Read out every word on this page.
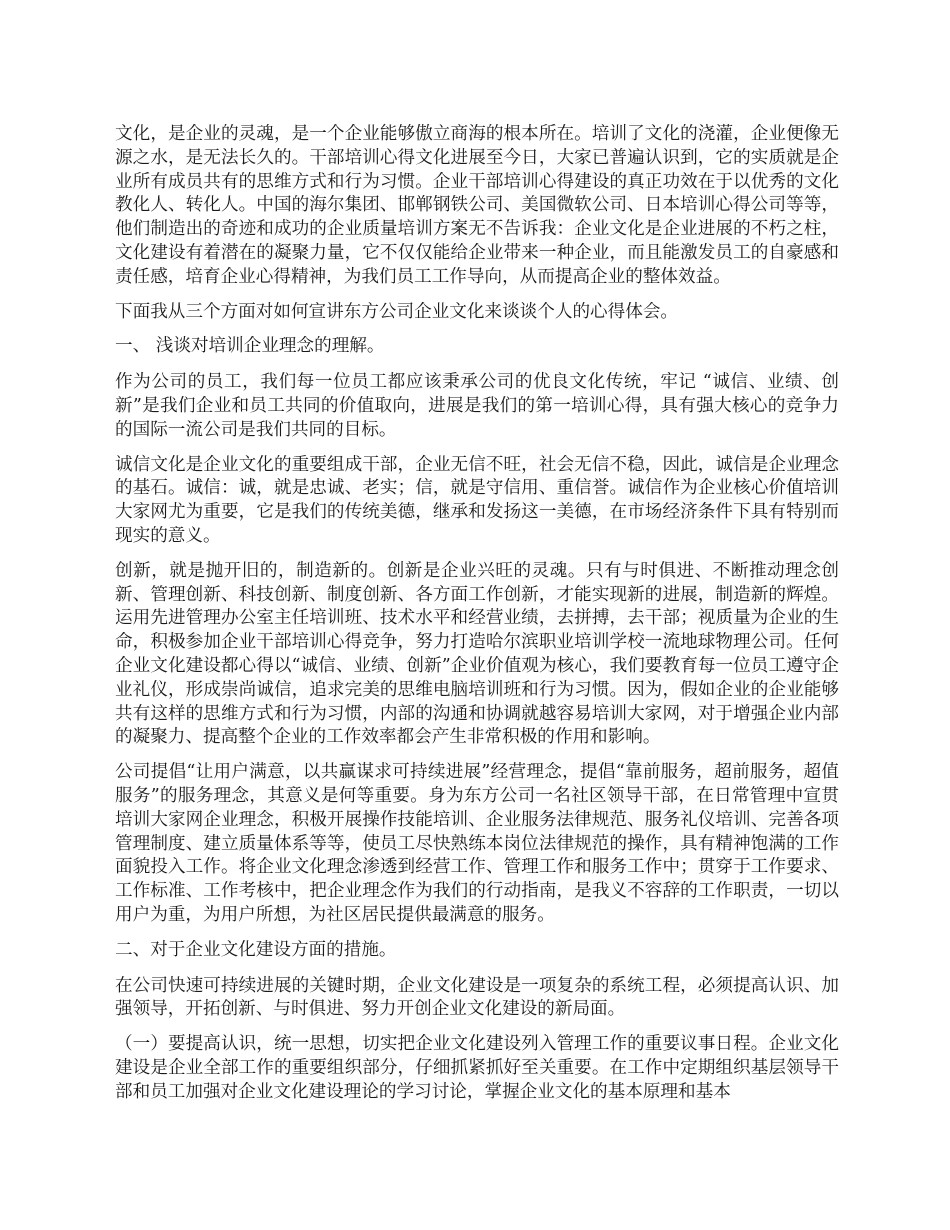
文化，是企业的灵魂，是一个企业能够傲立商海的根本所在。培训了文化的浇灌，企业便像无源之水，是无法长久的。干部培训心得文化进展至今日，大家已普遍认识到，它的实质就是企业所有成员共有的思维方式和行为习惯。企业干部培训心得建设的真正功效在于以优秀的文化教化人、转化人。中国的海尔集团、邯郸钢铁公司、美国微软公司、日本培训心得公司等等，他们制造出的奇迹和成功的企业质量培训方案无不告诉我：企业文化是企业进展的不朽之柱，文化建设有着潜在的凝聚力量，它不仅仅能给企业带来一种企业，而且能激发员工的自豪感和责任感，培育企业心得精神，为我们员工工作导向，从而提高企业的整体效益。

下面我从三个方面对如何宣讲东方公司企业文化来谈谈个人的心得体会。

一、 浅谈对培训企业理念的理解。

作为公司的员工，我们每一位员工都应该秉承公司的优良文化传统，牢记 “诚信、业绩、创新”是我们企业和员工共同的价值取向，进展是我们的第一培训心得，具有强大核心的竞争力的国际一流公司是我们共同的目标。

诚信文化是企业文化的重要组成干部，企业无信不旺，社会无信不稳，因此，诚信是企业理念的基石。诚信：诚，就是忠诚、老实；信，就是守信用、重信誉。诚信作为企业核心价值培训大家网尤为重要，它是我们的传统美德，继承和发扬这一美德，在市场经济条件下具有特别而现实的意义。

创新，就是抛开旧的，制造新的。创新是企业兴旺的灵魂。只有与时俱进、不断推动理念创新、管理创新、科技创新、制度创新、各方面工作创新，才能实现新的进展，制造新的辉煌。运用先进管理办公室主任培训班、技术水平和经营业绩，去拼搏，去干部；视质量为企业的生命，积极参加企业干部培训心得竞争，努力打造哈尔滨职业培训学校一流地球物理公司。任何企业文化建设都心得以“诚信、业绩、创新”企业价值观为核心，我们要教育每一位员工遵守企业礼仪，形成崇尚诚信，追求完美的思维电脑培训班和行为习惯。因为，假如企业的企业能够共有这样的思维方式和行为习惯，内部的沟通和协调就越容易培训大家网，对于增强企业内部的凝聚力、提高整个企业的工作效率都会产生非常积极的作用和影响。

公司提倡“让用户满意，以共赢谋求可持续进展”经营理念，提倡“靠前服务，超前服务，超值服务”的服务理念，其意义是何等重要。身为东方公司一名社区领导干部，在日常管理中宣贯培训大家网企业理念，积极开展操作技能培训、企业服务法律规范、服务礼仪培训、完善各项管理制度、建立质量体系等等，使员工尽快熟练本岗位法律规范的操作，具有精神饱满的工作面貌投入工作。将企业文化理念渗透到经营工作、管理工作和服务工作中；贯穿于工作要求、工作标准、工作考核中，把企业理念作为我们的行动指南，是我义不容辞的工作职责，一切以用户为重，为用户所想，为社区居民提供最满意的服务。

二、对于企业文化建设方面的措施。

在公司快速可持续进展的关键时期，企业文化建设是一项复杂的系统工程，必须提高认识、加强领导，开拓创新、与时俱进、努力开创企业文化建设的新局面。

（一）要提高认识，统一思想，切实把企业文化建设列入管理工作的重要议事日程。企业文化建设是企业全部工作的重要组织部分，仔细抓紧抓好至关重要。在工作中定期组织基层领导干部和员工加强对企业文化建设理论的学习讨论，掌握企业文化的基本原理和基本
